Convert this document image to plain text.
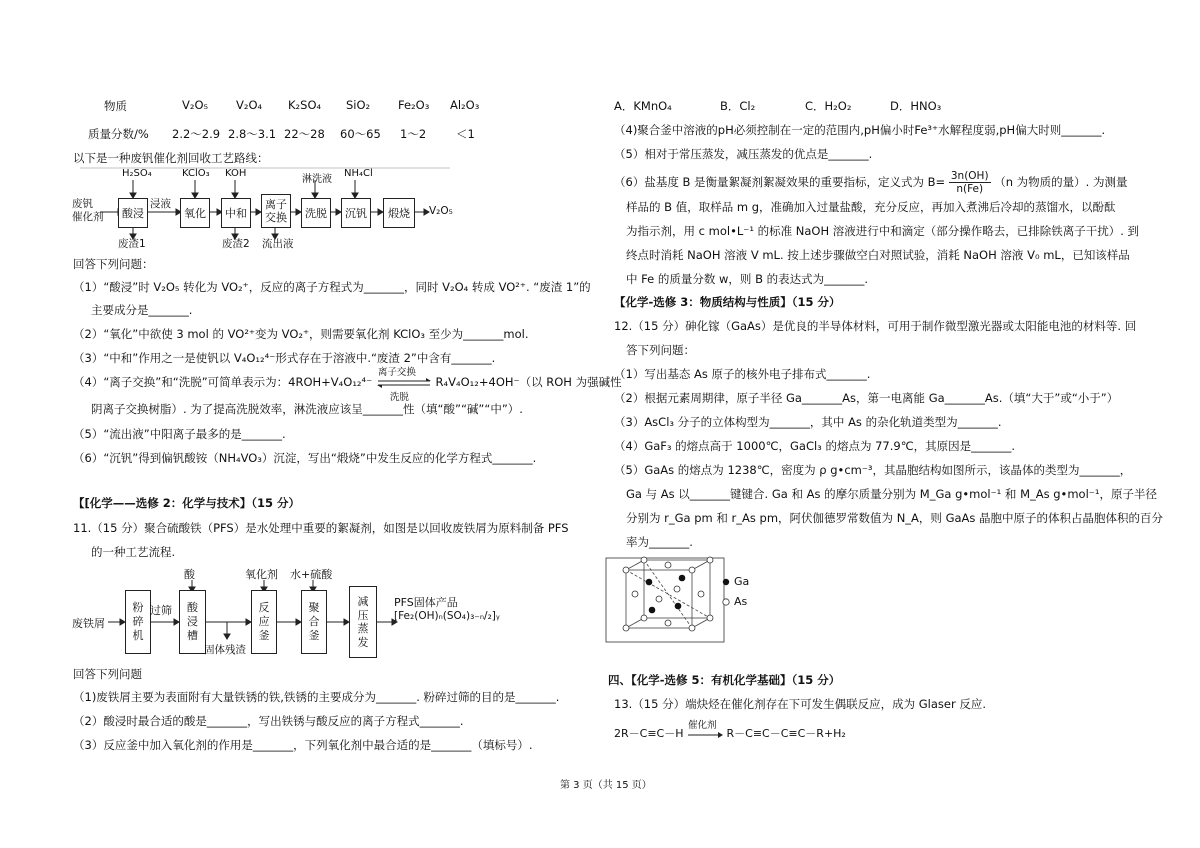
物质	V₂O₅ V₂O₄ K₂SO₄ SiO₂ Fe₂O₃ Al₂O₃
质量分数/% 2.2～2.9 2.8～3.1 22～28 60～65 1～2	＜1
以下是一种废钒催化剂回收工艺路线：
废钒
催化剂
H₂SO₄	KClO₃ KOH
淋洗液
NH₄Cl
浸液
酸浸	氧化	中和
离子
交换	洗脱	沉钒	煅烧	V₂O₅
废渣1	废渣2 流出液
回答下列问题：
（1）“酸浸”时 V₂O₅ 转化为 VO₂⁺，反应的离子方程式为_______，同时 V₂O₄ 转成 VO²⁺. “废渣 1”的
主要成分是_______.
（2）“氧化”中欲使 3 mol 的 VO²⁺变为 VO₂⁺，则需要氧化剂 KClO₃ 至少为_______mol.
（3）“中和”作用之一是使钒以 V₄O₁₂⁴⁻形式存在于溶液中.“废渣 2”中含有_______.
（4）“离子交换”和“洗脱”可简单表示为：4ROH+V₄O₁₂⁴⁻
离子交换
洗脱
R₄V₄O₁₂+4OH⁻（以 ROH 为强碱性
阴离子交换树脂）. 为了提高洗脱效率，淋洗液应该呈_______性（填“酸”“碱”“中”）.
（5）“流出液”中阳离子最多的是_______.
（6）“沉钒”得到偏钒酸铵（NH₄VO₃）沉淀，写出“煅烧”中发生反应的化学方程式_______.
【[化学——选修 2：化学与技术】（15 分）
11.（15 分）聚合硫酸铁（PFS）是水处理中重要的絮凝剂，如图是以回收废铁屑为原料制备 PFS
的一种工艺流程.
废铁屑
粉
碎
机
过筛
酸
酸
浸
槽
固体残渣
氧化剂
反
应
釜
水+硫酸
聚
合
釜
减
压
蒸
发
PFS固体产品
[Fe₂(OH)ₙ(SO₄)₃₋ₙ/₂]ᵧ
回答下列问题
（1)废铁屑主要为表面附有大量铁锈的铁,铁锈的主要成分为_______. 粉碎过筛的目的是_______.
（2）酸浸时最合适的酸是_______，写出铁锈与酸反应的离子方程式_______.
（3）反应釜中加入氧化剂的作用是_______，下列氧化剂中最合适的是_______（填标号）.
A．KMnO₄	B．Cl₂	C．H₂O₂	D．HNO₃
（4)聚合釜中溶液的pH必须控制在一定的范围内,pH偏小时Fe³⁺水解程度弱,pH偏大时则_______.
（5）相对于常压蒸发，减压蒸发的优点是_______.
（6）盐基度 B 是衡量絮凝剂絮凝效果的重要指标，定义式为 $B= \frac{3n(OH)}{n(Fe)} (n$ 为物质的量）. 为测量
样品的 B 值，取样品 m g，准确加入过量盐酸，充分反应，再加入煮沸后冷却的蒸馏水，以酚酞
为指示剂，用 c mol•L⁻¹ 的标准 NaOH 溶液进行中和滴定（部分操作略去，已排除铁离子干扰）. 到
终点时消耗 NaOH 溶液 V mL. 按上述步骤做空白对照试验，消耗 NaOH 溶液 V₀ mL，已知该样品
中 Fe 的质量分数 w，则 B 的表达式为_______.
【化学-选修 3：物质结构与性质】（15 分）
12.（15 分）砷化镓（GaAs）是优良的半导体材料，可用于制作微型激光器或太阳能电池的材料等. 回
答下列问题：
（1）写出基态 As 原子的核外电子排布式_______.
（2）根据元素周期律，原子半径 Ga_______As，第一电离能 Ga_______As.（填“大于”或“小于”）
（3）AsCl₃ 分子的立体构型为_______，其中 As 的杂化轨道类型为_______.
（4）GaF₃ 的熔点高于 1000℃，GaCl₃ 的熔点为 77.9℃，其原因是_______.
（5）GaAs 的熔点为 1238℃，密度为 ρ g•cm⁻³，其晶胞结构如图所示，该晶体的类型为_______，
Ga 与 As 以_______键键合. Ga 和 As 的摩尔质量分别为 M_Ga g•mol⁻¹ 和 M_As g•mol⁻¹，原子半径
分别为 r_Ga pm 和 r_As pm，阿伏伽德罗常数值为 N_A，则 GaAs 晶胞中原子的体积占晶胞体积的百分
率为_______.
Ga
As
四、【化学-选修 5：有机化学基础】（15 分）
13.（15 分）端炔烃在催化剂存在下可发生偶联反应，成为 Glaser 反应.
2R－C≡C－H
催化剂
R－C≡C－C≡C－R+H₂
第 3 页（共 15 页）
